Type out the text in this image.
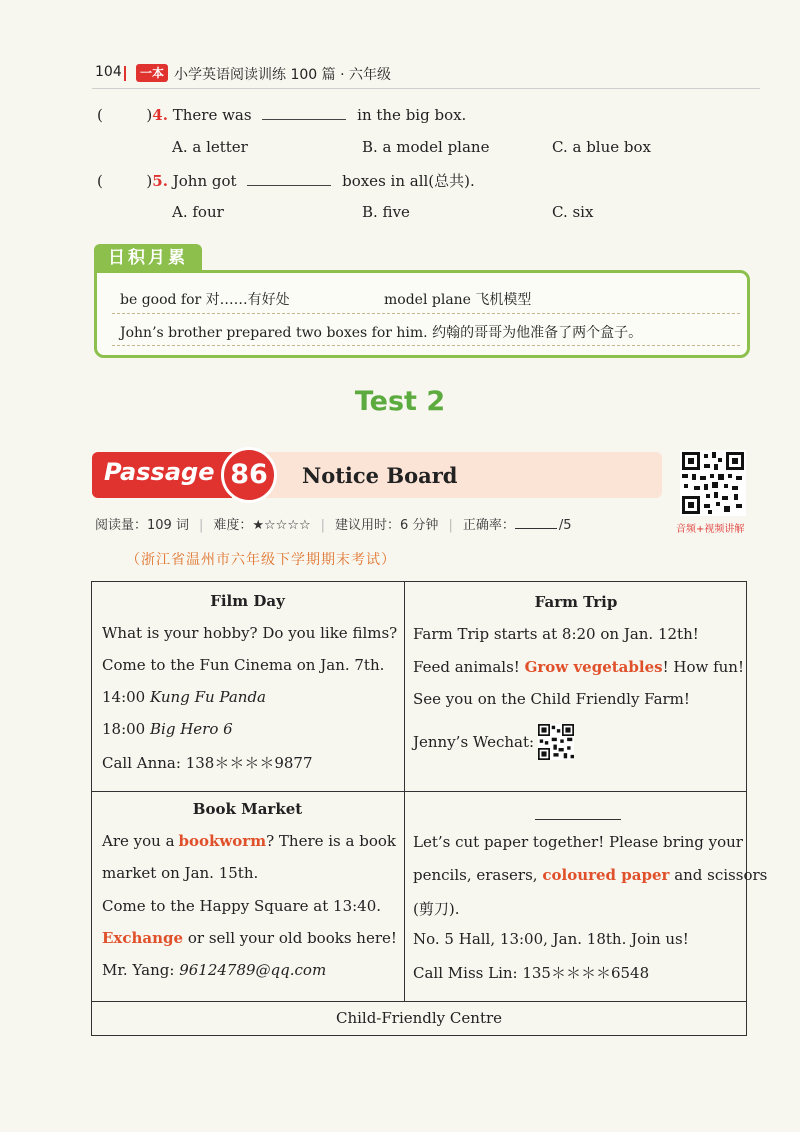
104	一本 小学英语阅读训练 100 篇 · 六年级
(	)4. There was	in the big box.
A. a letter	B. a model plane	C. a blue box
(	)5. John got	boxes in all(总共).
A. four	B. five	C. six
日积月累
be good for 对……有好处	model plane 飞机模型
John’s brother prepared two boxes for him. 约翰的哥哥为他准备了两个盒子。
Test 2
Passage 86	Notice Board
音频+视频讲解
阅读量：109 词 | 难度：★☆☆☆☆ | 建议用时：6 分钟 | 正确率：	/5
（浙江省温州市六年级下学期期末考试）
Film Day
What is your hobby? Do you like films?
Come to the Fun Cinema on Jan. 7th.
14:00 Kung Fu Panda
18:00 Big Hero 6
Call Anna: 138＊＊＊＊9877
Farm Trip
Farm Trip starts at 8:20 on Jan. 12th!
Feed animals! Grow vegetables! How fun!
See you on the Child Friendly Farm!
Jenny’s Wechat:
Book Market
Are you a bookworm? There is a book
market on Jan. 15th.
Come to the Happy Square at 13:40.
Exchange or sell your old books here!
Mr. Yang: 96124789@qq.com
Let’s cut paper together! Please bring your
pencils, erasers, coloured paper and scissors
(剪刀).
No. 5 Hall, 13:00, Jan. 18th. Join us!
Call Miss Lin: 135＊＊＊＊6548
Child-Friendly Centre
